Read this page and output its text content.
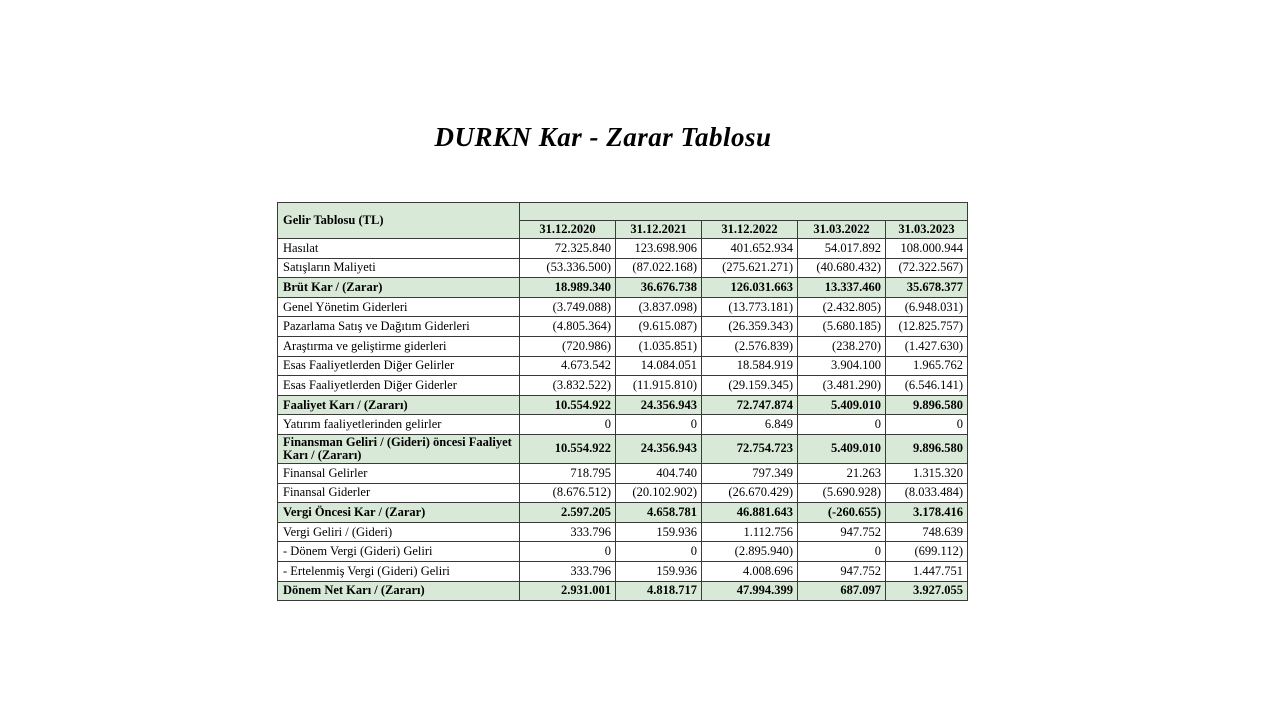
DURKN Kar - Zarar Tablosu
Gelir Tablosu (TL)					
	31.12.2020	31.12.2021	31.12.2022	31.03.2022	31.03.2023
Hasılat	72.325.840	123.698.906	401.652.934	54.017.892	108.000.944
Satışların Maliyeti	(53.336.500)	(87.022.168)	(275.621.271)	(40.680.432)	(72.322.567)
Brüt Kar / (Zarar)	18.989.340	36.676.738	126.031.663	13.337.460	35.678.377
Genel Yönetim Giderleri	(3.749.088)	(3.837.098)	(13.773.181)	(2.432.805)	(6.948.031)
Pazarlama Satış ve Dağıtım Giderleri	(4.805.364)	(9.615.087)	(26.359.343)	(5.680.185)	(12.825.757)
Araştırma ve geliştirme giderleri	(720.986)	(1.035.851)	(2.576.839)	(238.270)	(1.427.630)
Esas Faaliyetlerden Diğer Gelirler	4.673.542	14.084.051	18.584.919	3.904.100	1.965.762
Esas Faaliyetlerden Diğer Giderler	(3.832.522)	(11.915.810)	(29.159.345)	(3.481.290)	(6.546.141)
Faaliyet Karı / (Zararı)	10.554.922	24.356.943	72.747.874	5.409.010	9.896.580
Yatırım faaliyetlerinden gelirler	0	0	6.849	0	0
Finansman Geliri / (Gideri) öncesi Faaliyet Karı / (Zararı)	10.554.922	24.356.943	72.754.723	5.409.010	9.896.580
Finansal Gelirler	718.795	404.740	797.349	21.263	1.315.320
Finansal Giderler	(8.676.512)	(20.102.902)	(26.670.429)	(5.690.928)	(8.033.484)
Vergi Öncesi Kar / (Zarar)	2.597.205	4.658.781	46.881.643	(-260.655)	3.178.416
Vergi Geliri / (Gideri)	333.796	159.936	1.112.756	947.752	748.639
- Dönem Vergi (Gideri) Geliri	0	0	(2.895.940)	0	(699.112)
- Ertelenmiş Vergi (Gideri) Geliri	333.796	159.936	4.008.696	947.752	1.447.751
Dönem Net Karı / (Zararı)	2.931.001	4.818.717	47.994.399	687.097	3.927.055
